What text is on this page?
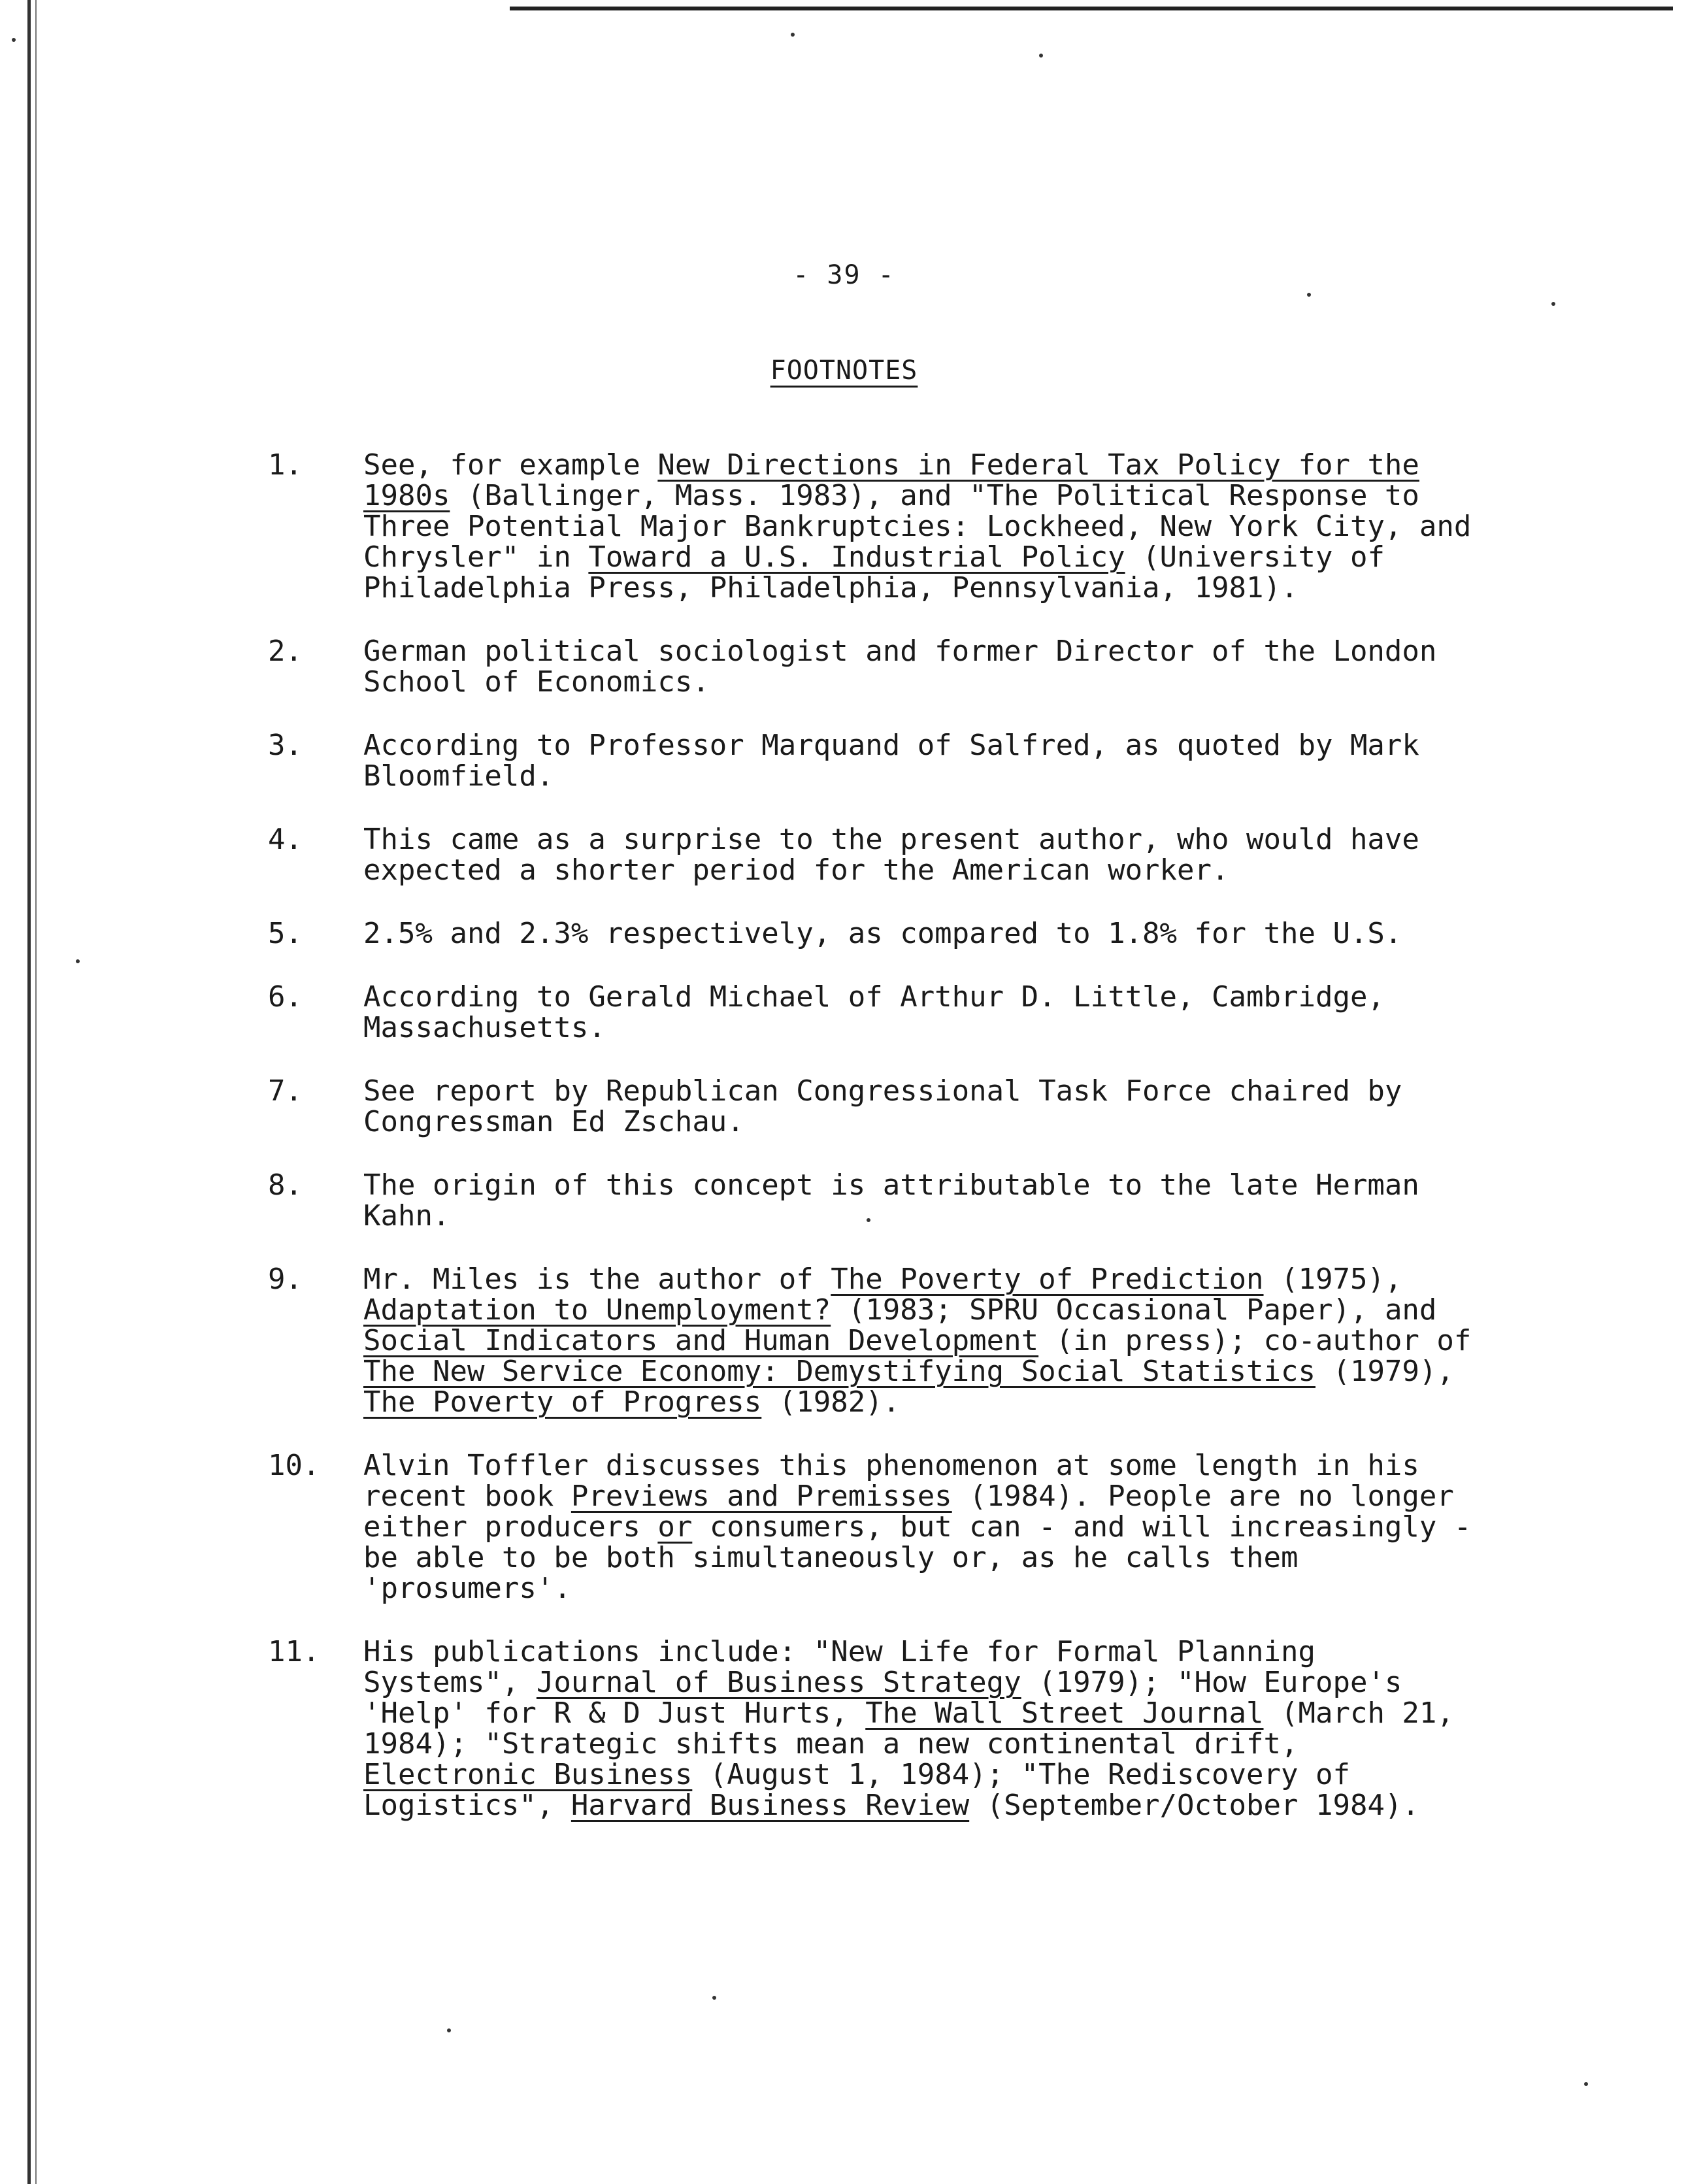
- 39 -
FOOTNOTES
1.	See, for example New Directions in Federal Tax Policy for the 1980s (Ballinger, Mass. 1983), and "The Political Response to Three Potential Major Bankruptcies: Lockheed, New York City, and Chrysler" in Toward a U.S. Industrial Policy (University of Philadelphia Press, Philadelphia, Pennsylvania, 1981).
2.	German political sociologist and former Director of the London School of Economics.
3.	According to Professor Marquand of Salfred, as quoted by Mark Bloomfield.
4.	This came as a surprise to the present author, who would have expected a shorter period for the American worker.
5.	2.5% and 2.3% respectively, as compared to 1.8% for the U.S.
6.	According to Gerald Michael of Arthur D. Little, Cambridge, Massachusetts.
7.	See report by Republican Congressional Task Force chaired by Congressman Ed Zschau.
8.	The origin of this concept is attributable to the late Herman Kahn.
9.	Mr. Miles is the author of The Poverty of Prediction (1975), Adaptation to Unemployment? (1983; SPRU Occasional Paper), and Social Indicators and Human Development (in press); co-author of The New Service Economy: Demystifying Social Statistics (1979), The Poverty of Progress (1982).
10.	Alvin Toffler discusses this phenomenon at some length in his recent book Previews and Premisses (1984). People are no longer either producers or consumers, but can - and will increasingly - be able to be both simultaneously or, as he calls them 'prosumers'.
11.	His publications include: "New Life for Formal Planning Systems", Journal of Business Strategy (1979); "How Europe's 'Help' for R & D Just Hurts, The Wall Street Journal (March 21, 1984); "Strategic shifts mean a new continental drift, Electronic Business (August 1, 1984); "The Rediscovery of Logistics", Harvard Business Review (September/October 1984).
